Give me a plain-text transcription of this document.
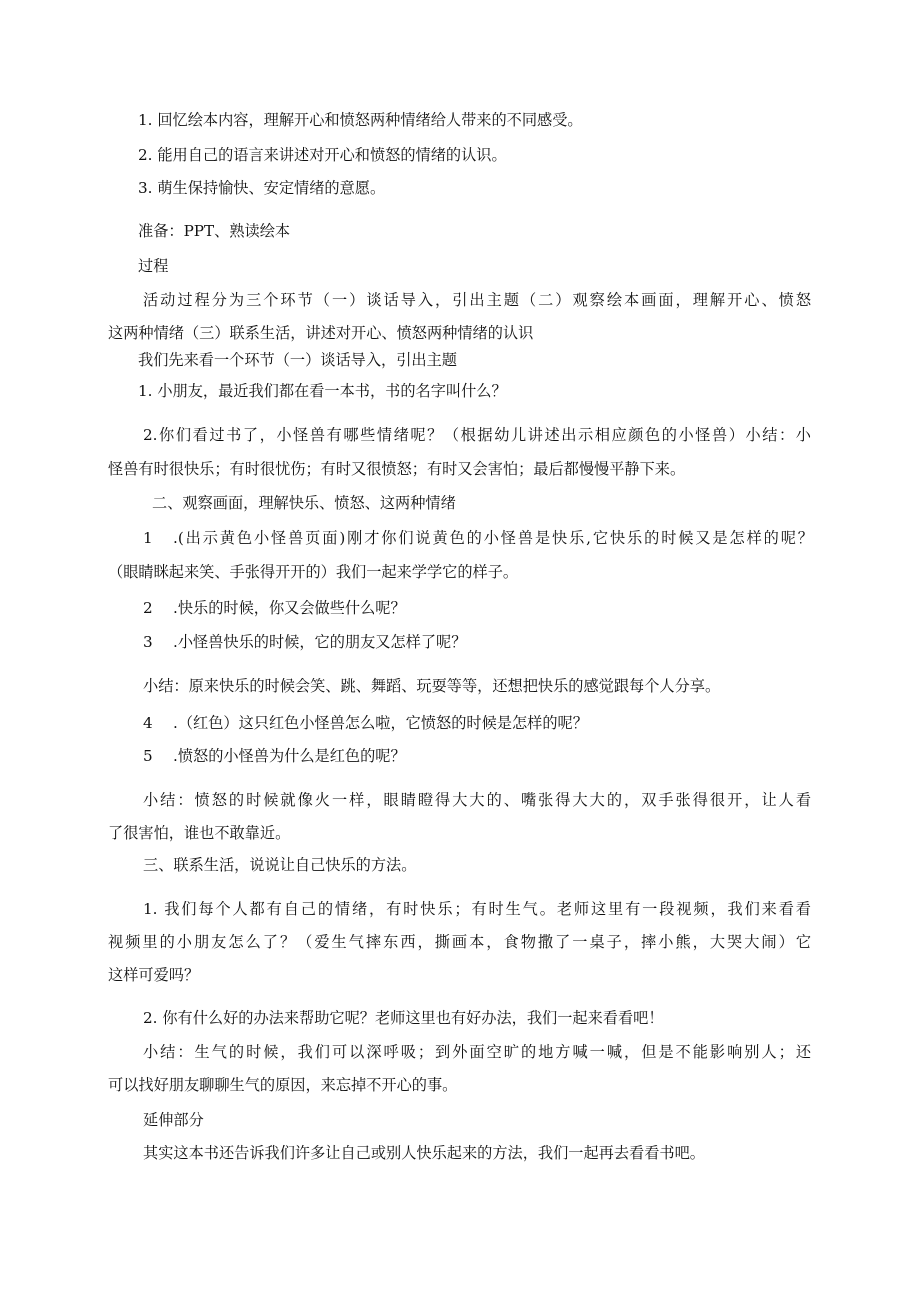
1. 回忆绘本内容，理解开心和愤怒两种情绪给人带来的不同感受。

2. 能用自己的语言来讲述对开心和愤怒的情绪的认识。

3. 萌生保持愉快、安定情绪的意愿。

准备：PPT、熟读绘本

过程

活动过程分为三个环节（一）谈话导入，引出主题（二）观察绘本画面，理解开心、愤怒

这两种情绪（三）联系生活，讲述对开心、愤怒两种情绪的认识

我们先来看一个环节（一）谈话导入，引出主题

1. 小朋友，最近我们都在看一本书，书的名字叫什么？

2.你们看过书了，小怪兽有哪些情绪呢？（根据幼儿讲述出示相应颜色的小怪兽）小结：小

怪兽有时很快乐；有时很忧伤；有时又很愤怒；有时又会害怕；最后都慢慢平静下来。

二、观察画面，理解快乐、愤怒、这两种情绪

1 .(出示黄色小怪兽页面)刚才你们说黄色的小怪兽是快乐,它快乐的时候又是怎样的呢？

（眼睛眯起来笑、手张得开开的）我们一起来学学它的样子。

2 .快乐的时候，你又会做些什么呢？

3 .小怪兽快乐的时候，它的朋友又怎样了呢？

小结：原来快乐的时候会笑、跳、舞蹈、玩耍等等，还想把快乐的感觉跟每个人分享。

4 .（红色）这只红色小怪兽怎么啦，它愤怒的时候是怎样的呢？

5 .愤怒的小怪兽为什么是红色的呢？

小结：愤怒的时候就像火一样，眼睛瞪得大大的、嘴张得大大的，双手张得很开，让人看

了很害怕，谁也不敢靠近。

三、联系生活，说说让自己快乐的方法。

1. 我们每个人都有自己的情绪，有时快乐；有时生气。老师这里有一段视频，我们来看看

视频里的小朋友怎么了？（爱生气摔东西，撕画本，食物撒了一桌子，摔小熊，大哭大闹）它

这样可爱吗？

2. 你有什么好的办法来帮助它呢？老师这里也有好办法，我们一起来看看吧！

小结：生气的时候，我们可以深呼吸；到外面空旷的地方喊一喊，但是不能影响别人；还

可以找好朋友聊聊生气的原因，来忘掉不开心的事。

延伸部分

其实这本书还告诉我们许多让自己或别人快乐起来的方法，我们一起再去看看书吧。
